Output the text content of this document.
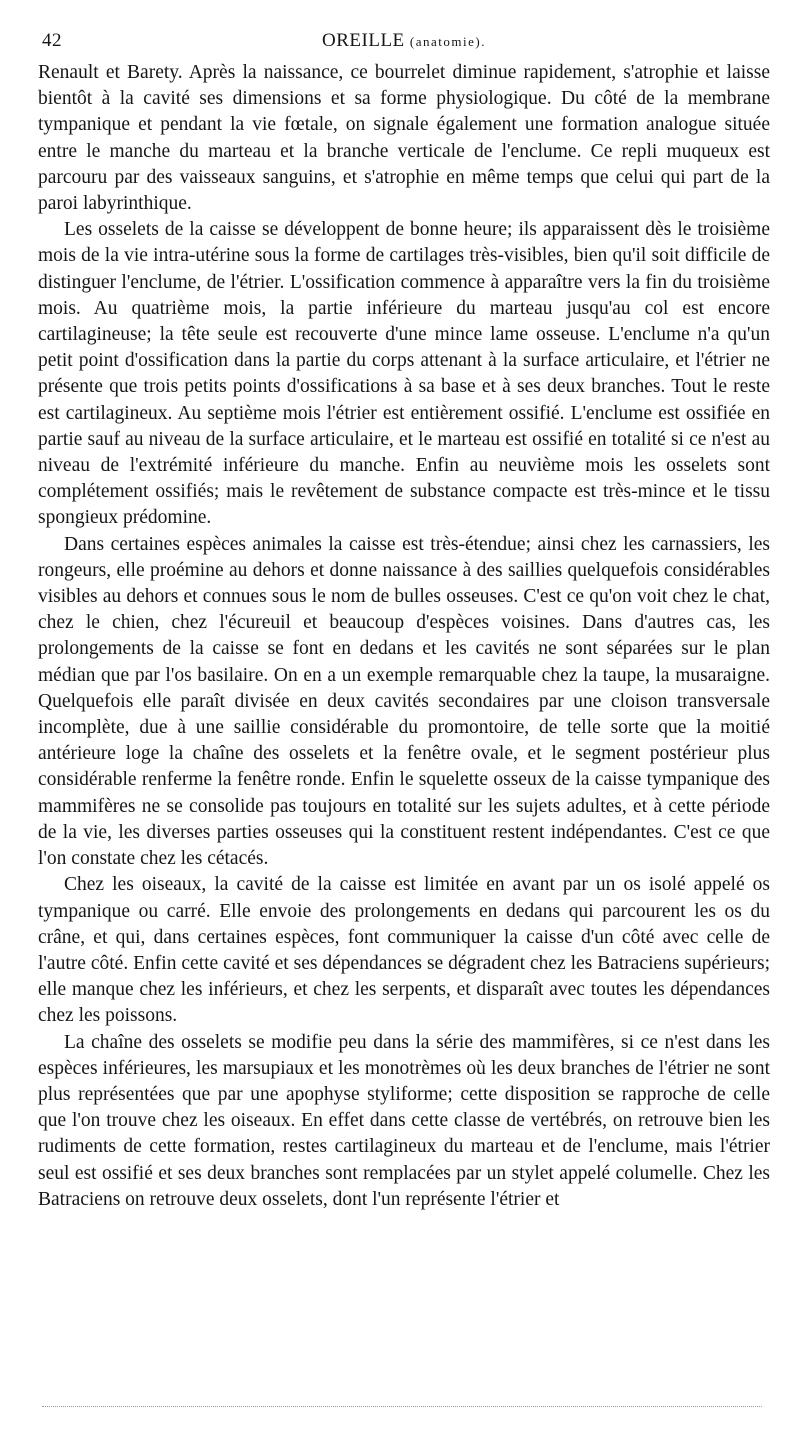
42	OREILLE (anatomie).

Renault et Barety. Après la naissance, ce bourrelet diminue rapidement, s'atrophie et laisse bientôt à la cavité ses dimensions et sa forme physiologique. Du côté de la membrane tympanique et pendant la vie fœtale, on signale également une formation analogue située entre le manche du marteau et la branche verticale de l'enclume. Ce repli muqueux est parcouru par des vaisseaux sanguins, et s'atrophie en même temps que celui qui part de la paroi labyrinthique.

Les osselets de la caisse se développent de bonne heure; ils apparaissent dès le troisième mois de la vie intra-utérine sous la forme de cartilages très-visibles, bien qu'il soit difficile de distinguer l'enclume, de l'étrier. L'ossification commence à apparaître vers la fin du troisième mois. Au quatrième mois, la partie inférieure du marteau jusqu'au col est encore cartilagineuse; la tête seule est recouverte d'une mince lame osseuse. L'enclume n'a qu'un petit point d'ossification dans la partie du corps attenant à la surface articulaire, et l'étrier ne présente que trois petits points d'ossifications à sa base et à ses deux branches. Tout le reste est cartilagineux. Au septième mois l'étrier est entièrement ossifié. L'enclume est ossifiée en partie sauf au niveau de la surface articulaire, et le marteau est ossifié en totalité si ce n'est au niveau de l'extrémité inférieure du manche. Enfin au neuvième mois les osselets sont complétement ossifiés; mais le revêtement de substance compacte est très-mince et le tissu spongieux prédomine.

Dans certaines espèces animales la caisse est très-étendue; ainsi chez les carnassiers, les rongeurs, elle proémine au dehors et donne naissance à des saillies quelquefois considérables visibles au dehors et connues sous le nom de bulles osseuses. C'est ce qu'on voit chez le chat, chez le chien, chez l'écureuil et beaucoup d'espèces voisines. Dans d'autres cas, les prolongements de la caisse se font en dedans et les cavités ne sont séparées sur le plan médian que par l'os basilaire. On en a un exemple remarquable chez la taupe, la musaraigne. Quelquefois elle paraît divisée en deux cavités secondaires par une cloison transversale incomplète, due à une saillie considérable du promontoire, de telle sorte que la moitié antérieure loge la chaîne des osselets et la fenêtre ovale, et le segment postérieur plus considérable renferme la fenêtre ronde. Enfin le squelette osseux de la caisse tympanique des mammifères ne se consolide pas toujours en totalité sur les sujets adultes, et à cette période de la vie, les diverses parties osseuses qui la constituent restent indépendantes. C'est ce que l'on constate chez les cétacés.

Chez les oiseaux, la cavité de la caisse est limitée en avant par un os isolé appelé os tympanique ou carré. Elle envoie des prolongements en dedans qui parcourent les os du crâne, et qui, dans certaines espèces, font communiquer la caisse d'un côté avec celle de l'autre côté. Enfin cette cavité et ses dépendances se dégradent chez les Batraciens supérieurs; elle manque chez les inférieurs, et chez les serpents, et disparaît avec toutes les dépendances chez les poissons.

La chaîne des osselets se modifie peu dans la série des mammifères, si ce n'est dans les espèces inférieures, les marsupiaux et les monotrèmes où les deux branches de l'étrier ne sont plus représentées que par une apophyse styliforme; cette disposition se rapproche de celle que l'on trouve chez les oiseaux. En effet dans cette classe de vertébrés, on retrouve bien les rudiments de cette formation, restes cartilagineux du marteau et de l'enclume, mais l'étrier seul est ossifié et ses deux branches sont remplacées par un stylet appelé columelle. Chez les Batraciens on retrouve deux osselets, dont l'un représente l'étrier et
